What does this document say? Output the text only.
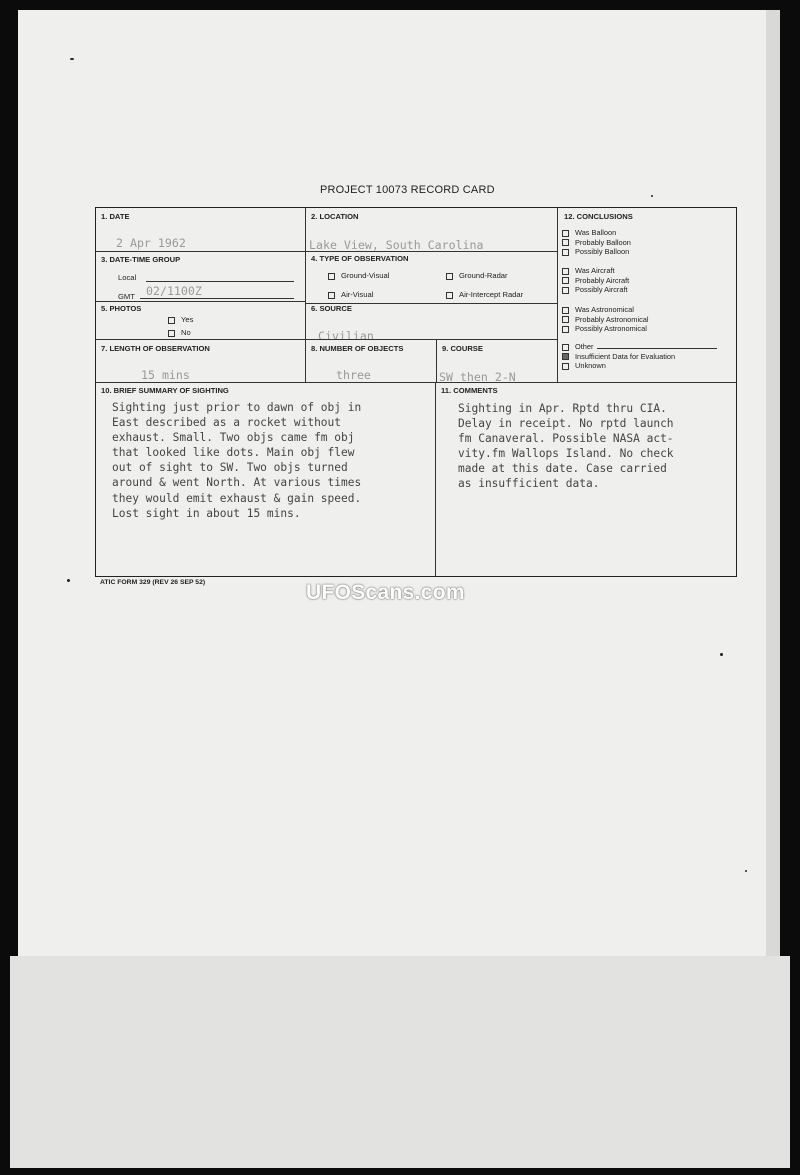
PROJECT 10073 RECORD CARD
1. DATE
2 Apr 1962
2. LOCATION
Lake View, South Carolina
3. DATE-TIME GROUP
Local
GMT 02/1100Z
4. TYPE OF OBSERVATION
Ground-Visual	Ground-Radar
Air-Visual	Air-Intercept Radar
5. PHOTOS
Yes
No
6. SOURCE
Civilian
7. LENGTH OF OBSERVATION
15 mins
8. NUMBER OF OBJECTS
three
9. COURSE
SW then 2-N
10. BRIEF SUMMARY OF SIGHTING
Sighting just prior to dawn of obj in
East described as a rocket without
exhaust. Small. Two objs came fm obj
that looked like dots. Main obj flew
out of sight to SW. Two objs turned
around & went North. At various times
they would emit exhaust & gain speed.
Lost sight in about 15 mins.
11. COMMENTS
Sighting in Apr. Rptd thru CIA.
Delay in receipt. No rptd launch
fm Canaveral. Possible NASA act-
vity.fm Wallops Island. No check
made at this date. Case carried
as insufficient data.
12. CONCLUSIONS
Was Balloon
Probably Balloon
Possibly Balloon
Was Aircraft
Probably Aircraft
Possibly Aircraft
Was Astronomical
Probably Astronomical
Possibly Astronomical
Other
Insufficient Data for Evaluation
Unknown
ATIC FORM 329 (REV 26 SEP 52)	UFOScans.com
